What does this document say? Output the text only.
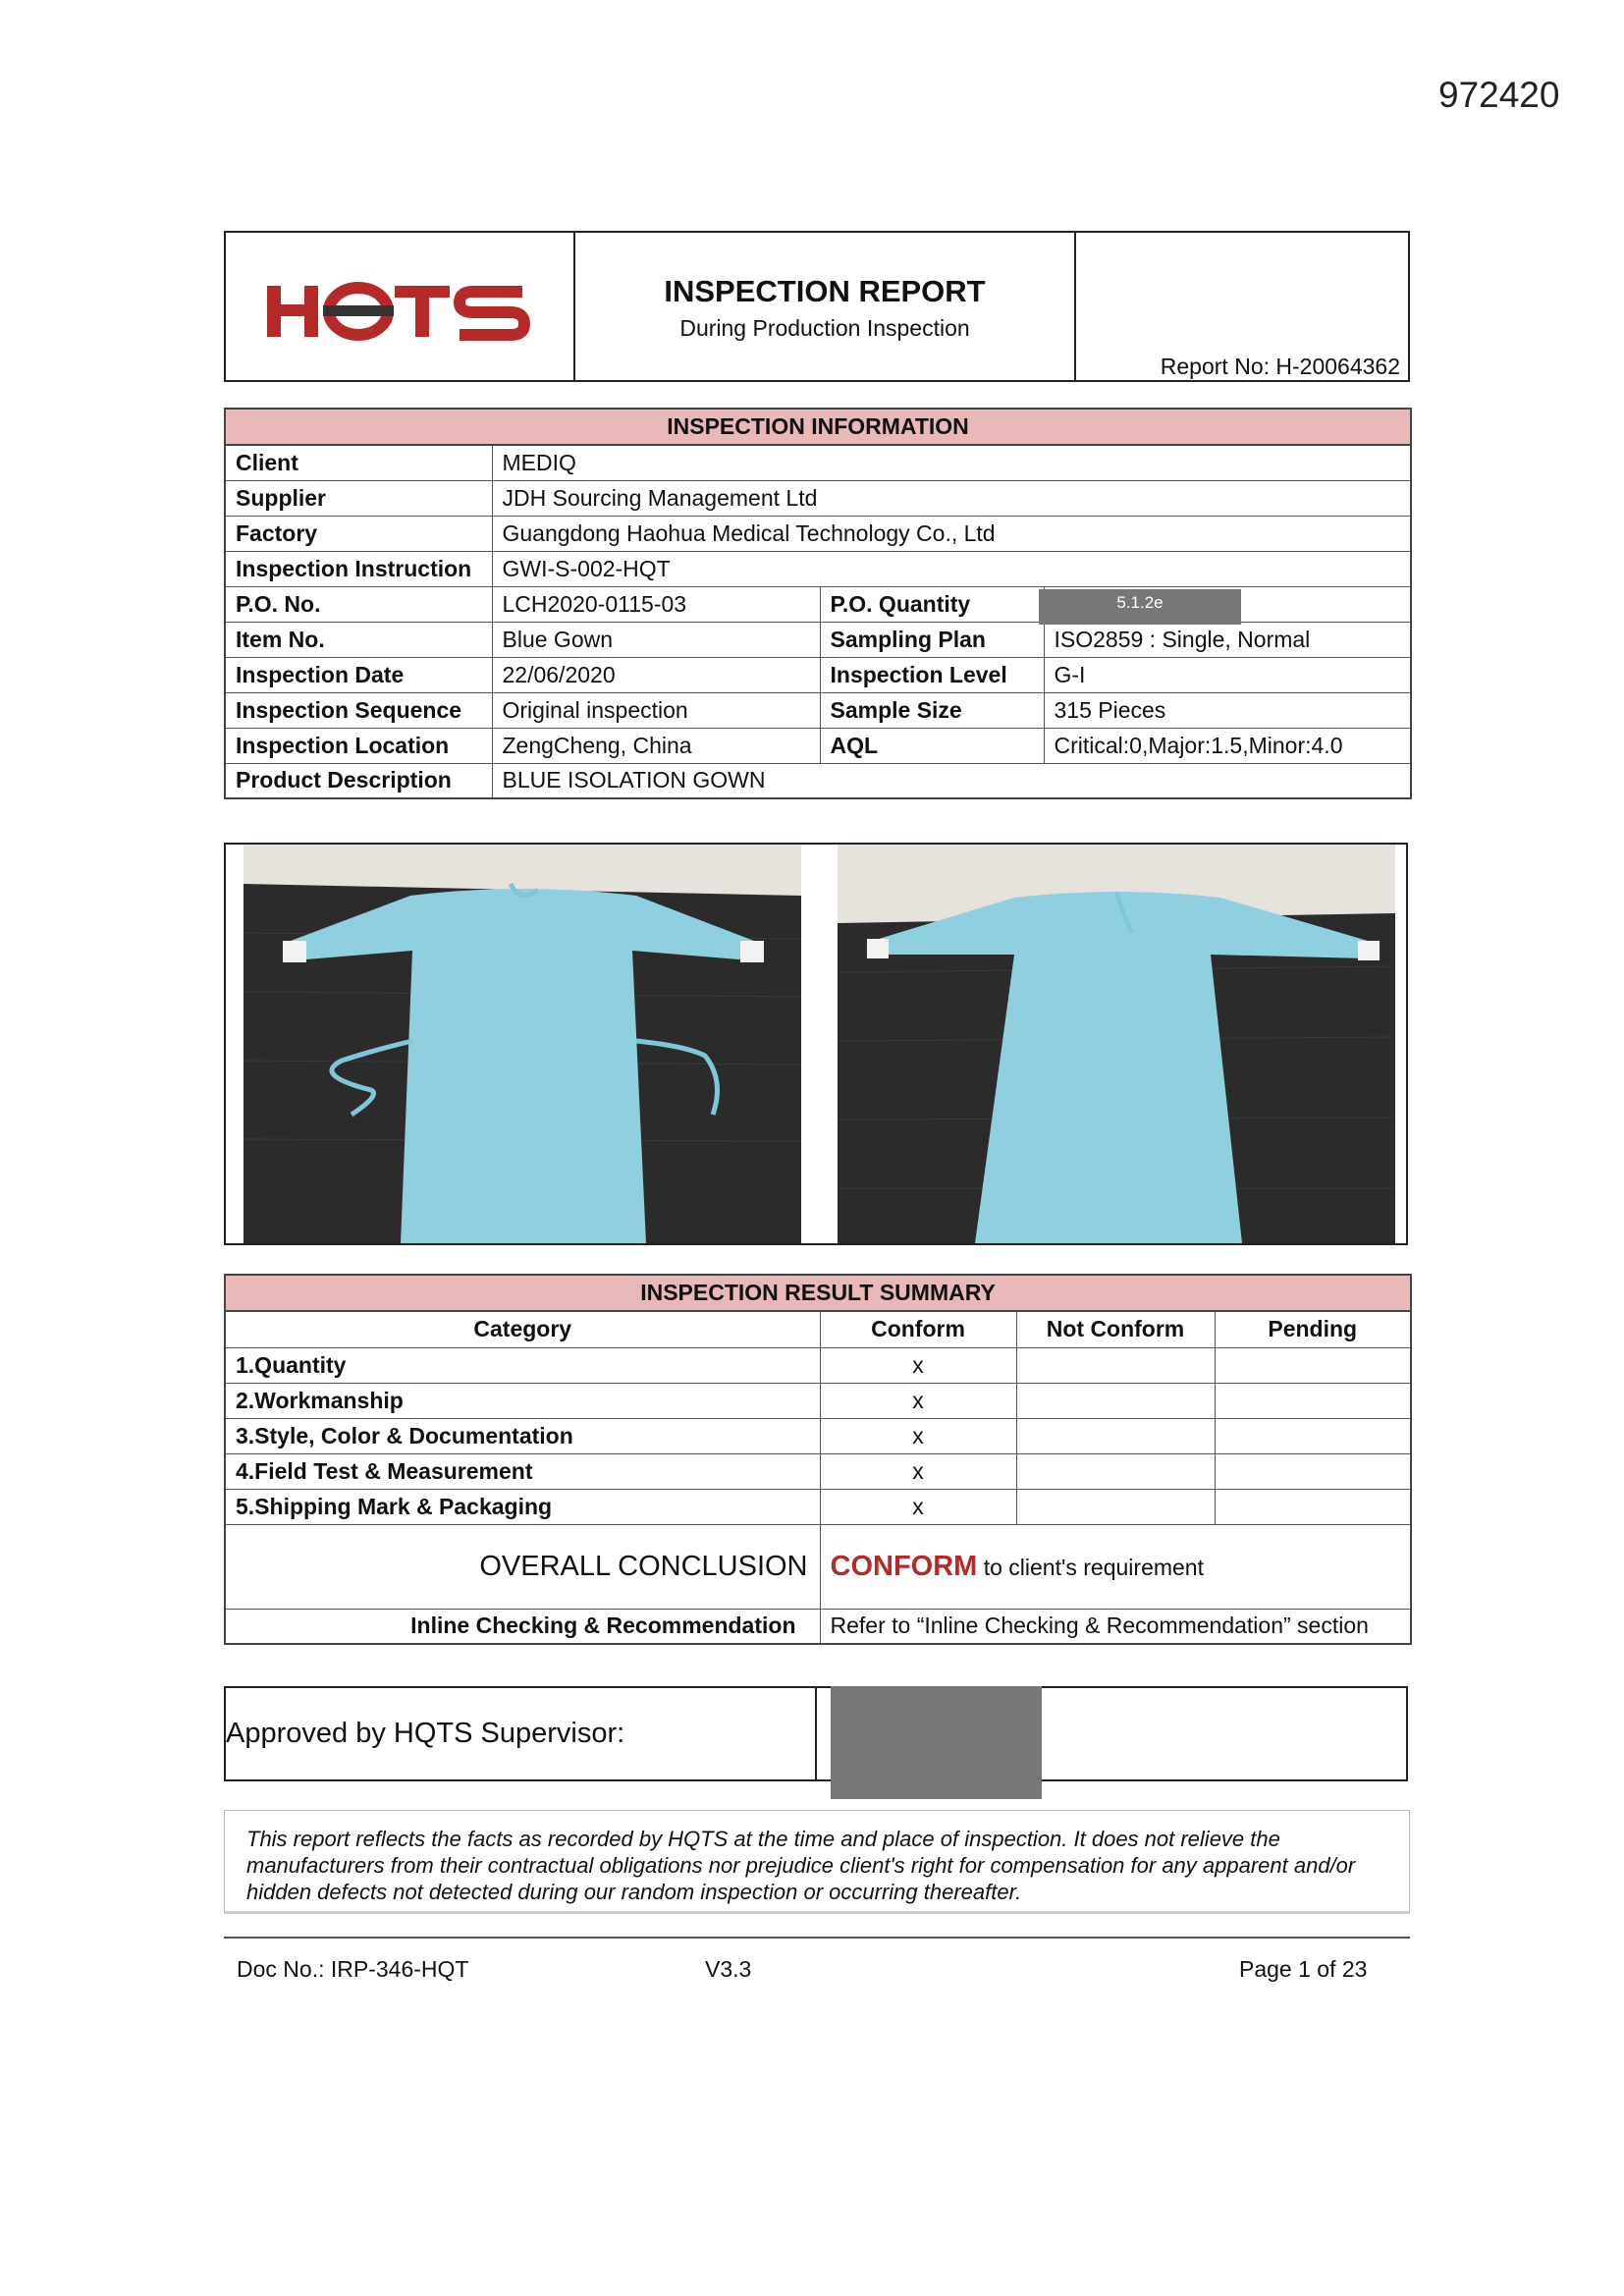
972420
INSPECTION REPORT
During Production Inspection
Report No: H-20064362
INSPECTION INFORMATION			
Client	MEDIQ		
Supplier	JDH Sourcing Management Ltd		
Factory	Guangdong Haohua Medical Technology Co., Ltd		
Inspection Instruction	GWI-S-002-HQT		
P.O. No.	LCH2020-0115-03	P.O. Quantity	
Item No.	Blue Gown	Sampling Plan	ISO2859 : Single, Normal
Inspection Date	22/06/2020	Inspection Level	G-I
Inspection Sequence	Original inspection	Sample Size	315 Pieces
Inspection Location	ZengCheng, China	AQL	Critical:0,Major:1.5,Minor:4.0
Product Description	BLUE ISOLATION GOWN		
5.1.2e
INSPECTION RESULT SUMMARY			
Category	Conform	Not Conform	Pending
1.Quantity	x		
2.Workmanship	x		
3.Style, Color & Documentation	x		
4.Field Test & Measurement	x		
5.Shipping Mark & Packaging	x		
OVERALL CONCLUSION	CONFORM to client's requirement		
Inline Checking & Recommendation	Refer to “Inline Checking & Recommendation” section		
Approved by HQTS Supervisor:
This report reflects the facts as recorded by HQTS at the time and place of inspection. It does not relieve the manufacturers from their contractual obligations nor prejudice client's right for compensation for any apparent and/or hidden defects not detected during our random inspection or occurring thereafter.
Doc No.: IRP-346-HQT	V3.3	Page 1 of 23
